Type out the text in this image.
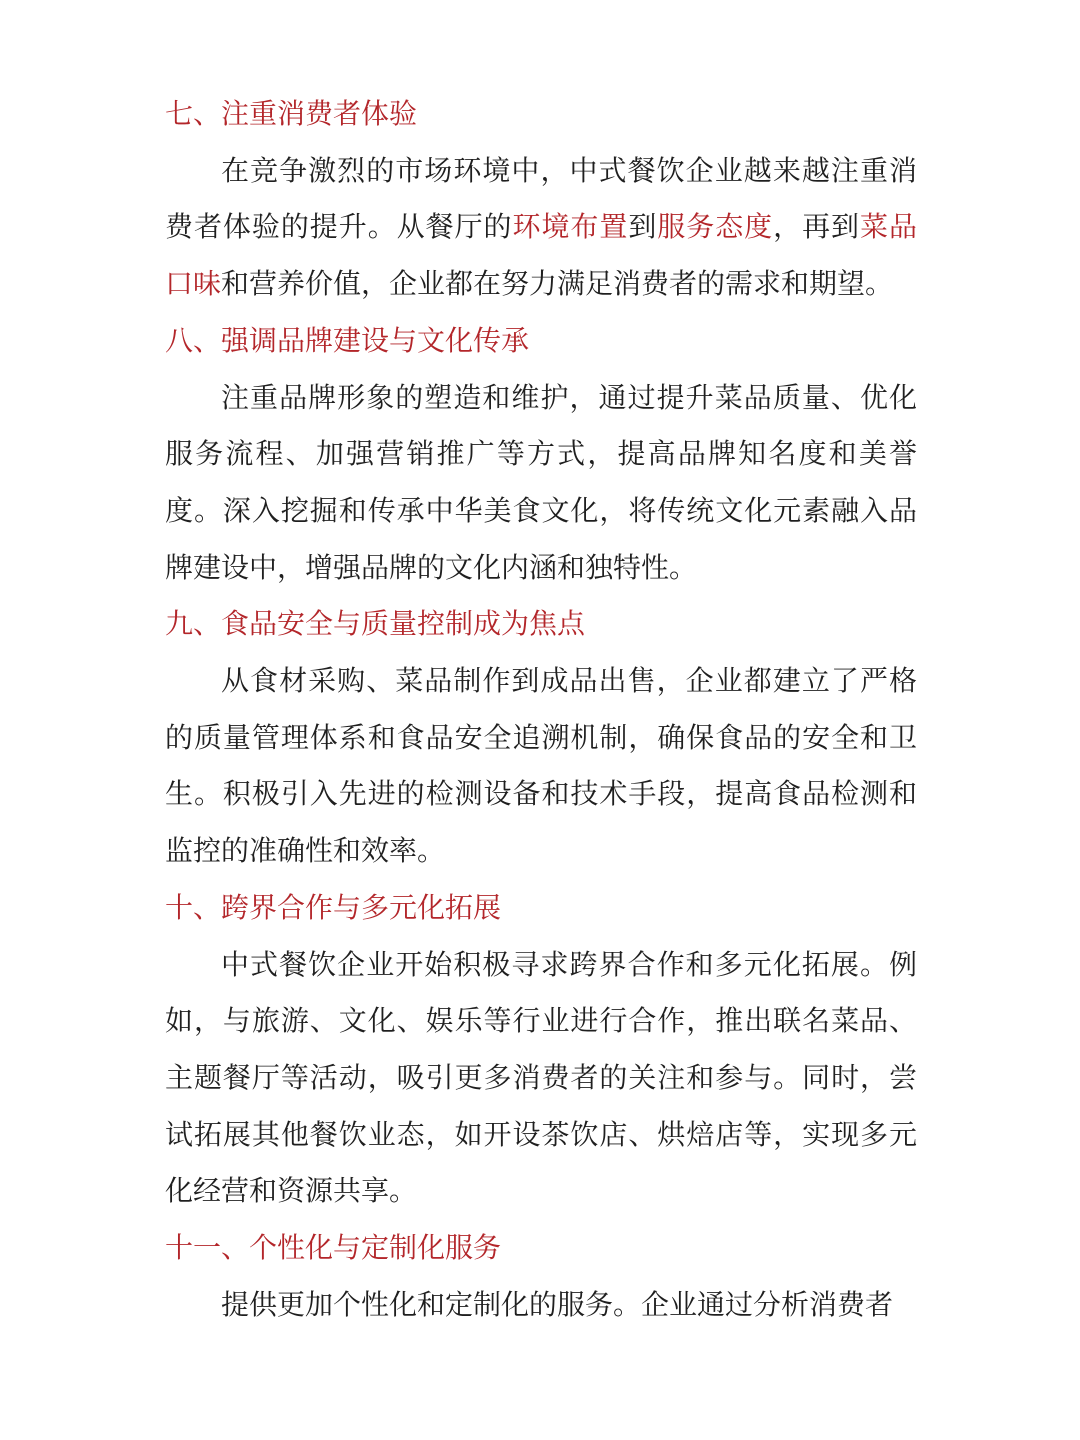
七、注重消费者体验

在竞争激烈的市场环境中，中式餐饮企业越来越注重消费者体验的提升。从餐厅的环境布置到服务态度，再到菜品口味和营养价值，企业都在努力满足消费者的需求和期望。

八、强调品牌建设与文化传承

注重品牌形象的塑造和维护，通过提升菜品质量、优化服务流程、加强营销推广等方式，提高品牌知名度和美誉度。深入挖掘和传承中华美食文化，将传统文化元素融入品牌建设中，增强品牌的文化内涵和独特性。

九、食品安全与质量控制成为焦点

从食材采购、菜品制作到成品出售，企业都建立了严格的质量管理体系和食品安全追溯机制，确保食品的安全和卫生。积极引入先进的检测设备和技术手段，提高食品检测和监控的准确性和效率。

十、跨界合作与多元化拓展

中式餐饮企业开始积极寻求跨界合作和多元化拓展。例如，与旅游、文化、娱乐等行业进行合作，推出联名菜品、主题餐厅等活动，吸引更多消费者的关注和参与。同时，尝试拓展其他餐饮业态，如开设茶饮店、烘焙店等，实现多元化经营和资源共享。

十一、个性化与定制化服务

提供更加个性化和定制化的服务。企业通过分析消费者
